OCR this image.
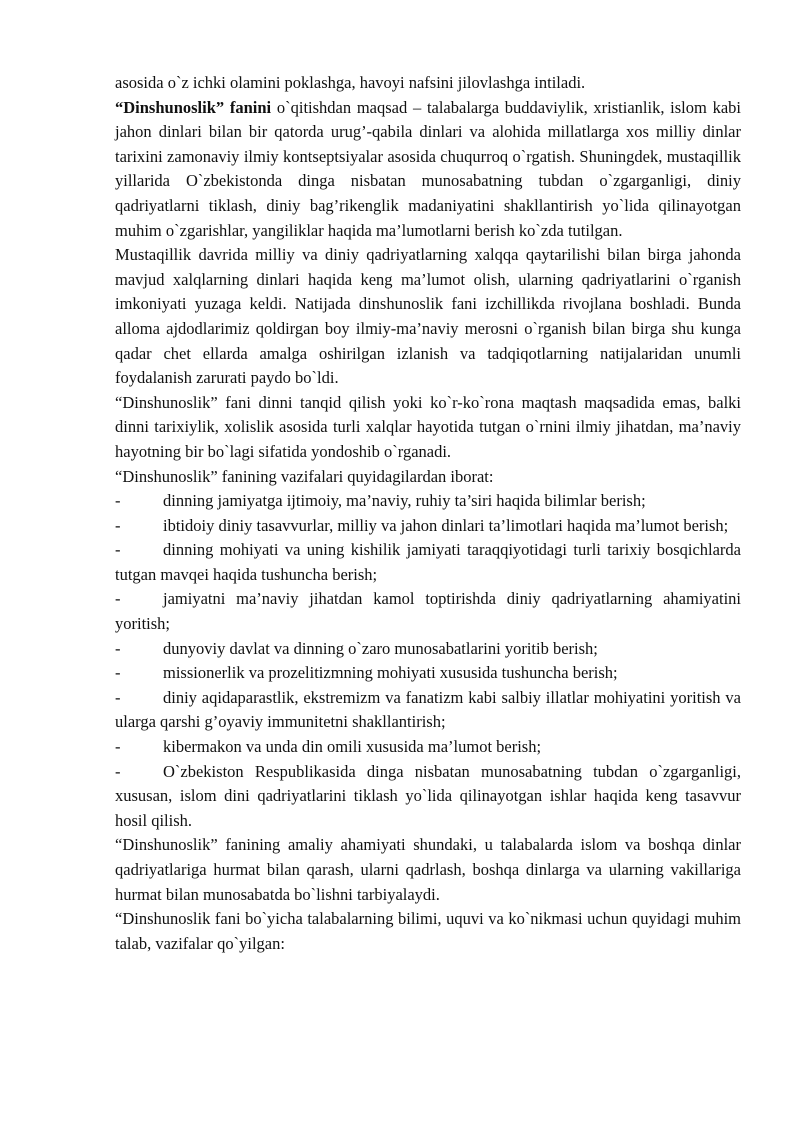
asosida o`z ichki olamini poklashga, havoyi nafsini jilovlashga intiladi.

“Dinshunoslik” fanini o`qitishdan maqsad – talabalarga buddaviylik, xristianlik, islom kabi jahon dinlari bilan bir qatorda urug’-qabila dinlari va alohida millatlarga xos milliy dinlar tarixini zamonaviy ilmiy kontseptsiyalar asosida chuqurroq o`rgatish. Shuningdek, mustaqillik yillarida O`zbekistonda dinga nisbatan munosabatning tubdan o`zgarganligi, diniy qadriyatlarni tiklash, diniy bag’rikenglik madaniyatini shakllantirish yo`lida qilinayotgan muhim o`zgarishlar, yangiliklar haqida ma’lumotlarni berish ko`zda tutilgan.

Mustaqillik davrida milliy va diniy qadriyatlarning xalqqa qaytarilishi bilan birga jahonda mavjud xalqlarning dinlari haqida keng ma’lumot olish, ularning qadriyatlarini o`rganish imkoniyati yuzaga keldi. Natijada dinshunoslik fani izchillikda rivojlana boshladi. Bunda alloma ajdodlarimiz qoldirgan boy ilmiy-ma’naviy merosni o`rganish bilan birga shu kunga qadar chet ellarda amalga oshirilgan izlanish va tadqiqotlarning natijalaridan unumli foydalanish zarurati paydo bo`ldi.

“Dinshunoslik” fani dinni tanqid qilish yoki ko`r-ko`rona maqtash maqsadida emas, balki dinni tarixiylik, xolislik asosida turli xalqlar hayotida tutgan o`rnini ilmiy jihatdan, ma’naviy hayotning bir bo`lagi sifatida yondoshib o`rganadi.

“Dinshunoslik” fanining vazifalari quyidagilardan iborat:

-	dinning jamiyatga ijtimoiy, ma’naviy, ruhiy ta’siri haqida bilimlar berish;

-	ibtidoiy diniy tasavvurlar, milliy va jahon dinlari ta’limotlari haqida ma’lumot berish;

-	dinning mohiyati va uning kishilik jamiyati taraqqiyotidagi turli tarixiy bosqichlarda tutgan mavqei haqida tushuncha berish;

-	jamiyatni ma’naviy jihatdan kamol toptirishda diniy qadriyatlarning ahamiyatini yoritish;

-	dunyoviy davlat va dinning o`zaro munosabatlarini yoritib berish;

-	missionerlik va prozelitizmning mohiyati xususida tushuncha berish;

-	diniy aqidaparastlik, ekstremizm va fanatizm kabi salbiy illatlar mohiyatini yoritish va ularga qarshi g’oyaviy immunitetni shakllantirish;

-	kibermakon va unda din omili xususida ma’lumot berish;

-	O`zbekiston Respublikasida dinga nisbatan munosabatning tubdan o`zgarganligi, xususan, islom dini qadriyatlarini tiklash yo`lida qilinayotgan ishlar haqida keng tasavvur hosil qilish.

“Dinshunoslik” fanining amaliy ahamiyati shundaki, u talabalarda islom va boshqa dinlar qadriyatlariga hurmat bilan qarash, ularni qadrlash, boshqa dinlarga va ularning vakillariga hurmat bilan munosabatda bo`lishni tarbiyalaydi.

“Dinshunoslik fani bo`yicha talabalarning bilimi, uquvi va ko`nikmasi uchun quyidagi muhim talab, vazifalar qo`yilgan:
